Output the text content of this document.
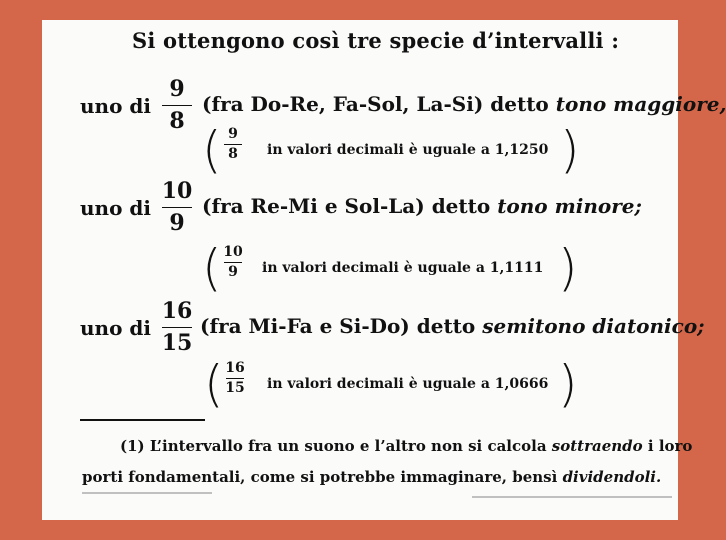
Si ottengono così tre specie d’intervalli :
uno di
9
8
(fra Do-Re, Fa-Sol, La-Si) detto tono maggiore,
( 9
8	in valori decimali è uguale a 1,1250 )
uno di
10
9
(fra Re-Mi e Sol-La) detto tono minore;
( 10
9	in valori decimali è uguale a 1,1111 )
uno di
16
15
(fra Mi-Fa e Si-Do) detto semitono diatonico;
( 16
15 in valori decimali è uguale a 1,0666 )
(1) L’intervallo fra un suono e l’altro non si calcola sottraendo i loro
porti fondamentali, come si potrebbe immaginare, bensì dividendoli.
